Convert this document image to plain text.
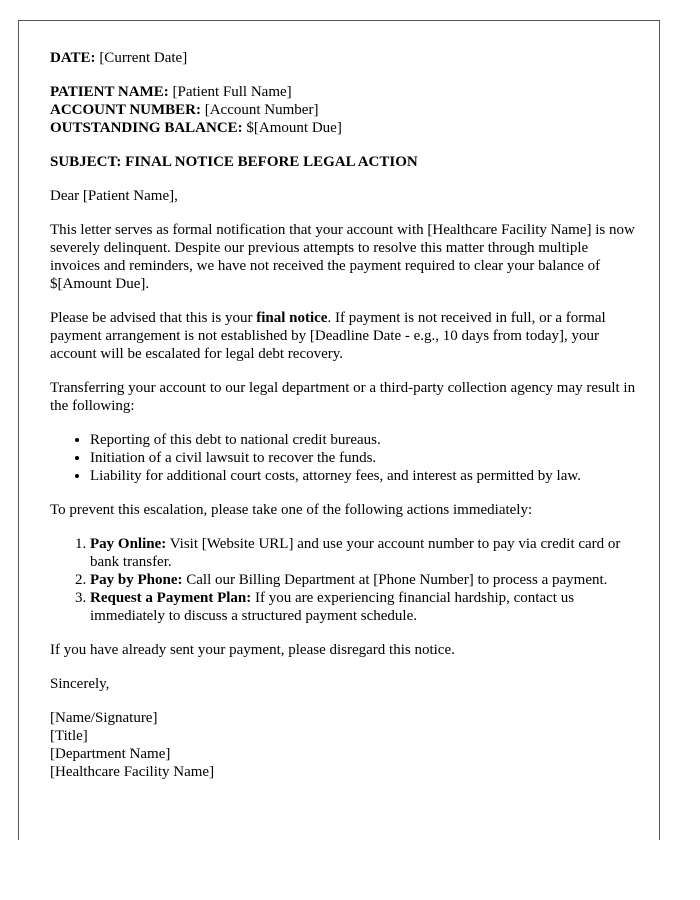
DATE: [Current Date]

PATIENT NAME: [Patient Full Name]

ACCOUNT NUMBER: [Account Number]

OUTSTANDING BALANCE: $[Amount Due]

SUBJECT: FINAL NOTICE BEFORE LEGAL ACTION

Dear [Patient Name],

This letter serves as formal notification that your account with [Healthcare Facility Name] is now severely delinquent. Despite our previous attempts to resolve this matter through multiple invoices and reminders, we have not received the payment required to clear your balance of $[Amount Due].

Please be advised that this is your final notice. If payment is not received in full, or a formal payment arrangement is not established by [Deadline Date - e.g., 10 days from today], your account will be escalated for legal debt recovery.

Transferring your account to our legal department or a third-party collection agency may result in the following:

• Reporting of this debt to national credit bureaus.
• Initiation of a civil lawsuit to recover the funds.
• Liability for additional court costs, attorney fees, and interest as permitted by law.

To prevent this escalation, please take one of the following actions immediately:

1. Pay Online: Visit [Website URL] and use your account number to pay via credit card or bank transfer.
2. Pay by Phone: Call our Billing Department at [Phone Number] to process a payment.
3. Request a Payment Plan: If you are experiencing financial hardship, contact us immediately to discuss a structured payment schedule.

If you have already sent your payment, please disregard this notice.

Sincerely,

[Name/Signature]

[Title]

[Department Name]

[Healthcare Facility Name]
